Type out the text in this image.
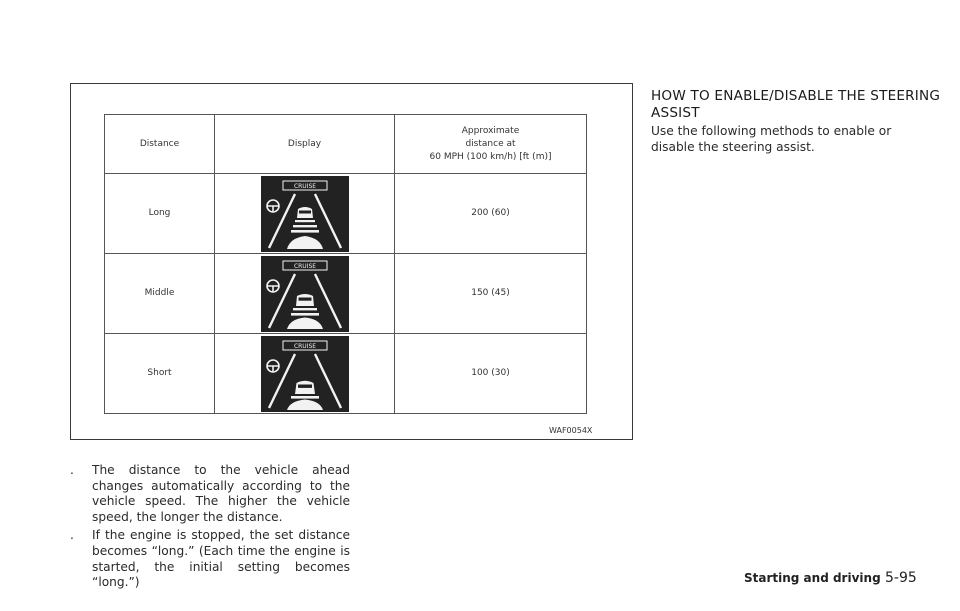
Distance	Display	Approximate
distance at
60 MPH (100 km/h) [ft (m)]

Long	CRUISE	200 (60)
Middle	CRUISE	150 (45)
Short	CRUISE	100 (30)
WAF0054X
. The distance to the vehicle ahead changes automatically according to the vehicle speed. The higher the vehicle speed, the longer the distance.
. If the engine is stopped, the set distance becomes “long.” (Each time the engine is started, the initial setting becomes “long.”)
HOW TO ENABLE/DISABLE THE STEERING ASSIST

Use the following methods to enable or disable the steering assist.

Starting and driving 5-95
